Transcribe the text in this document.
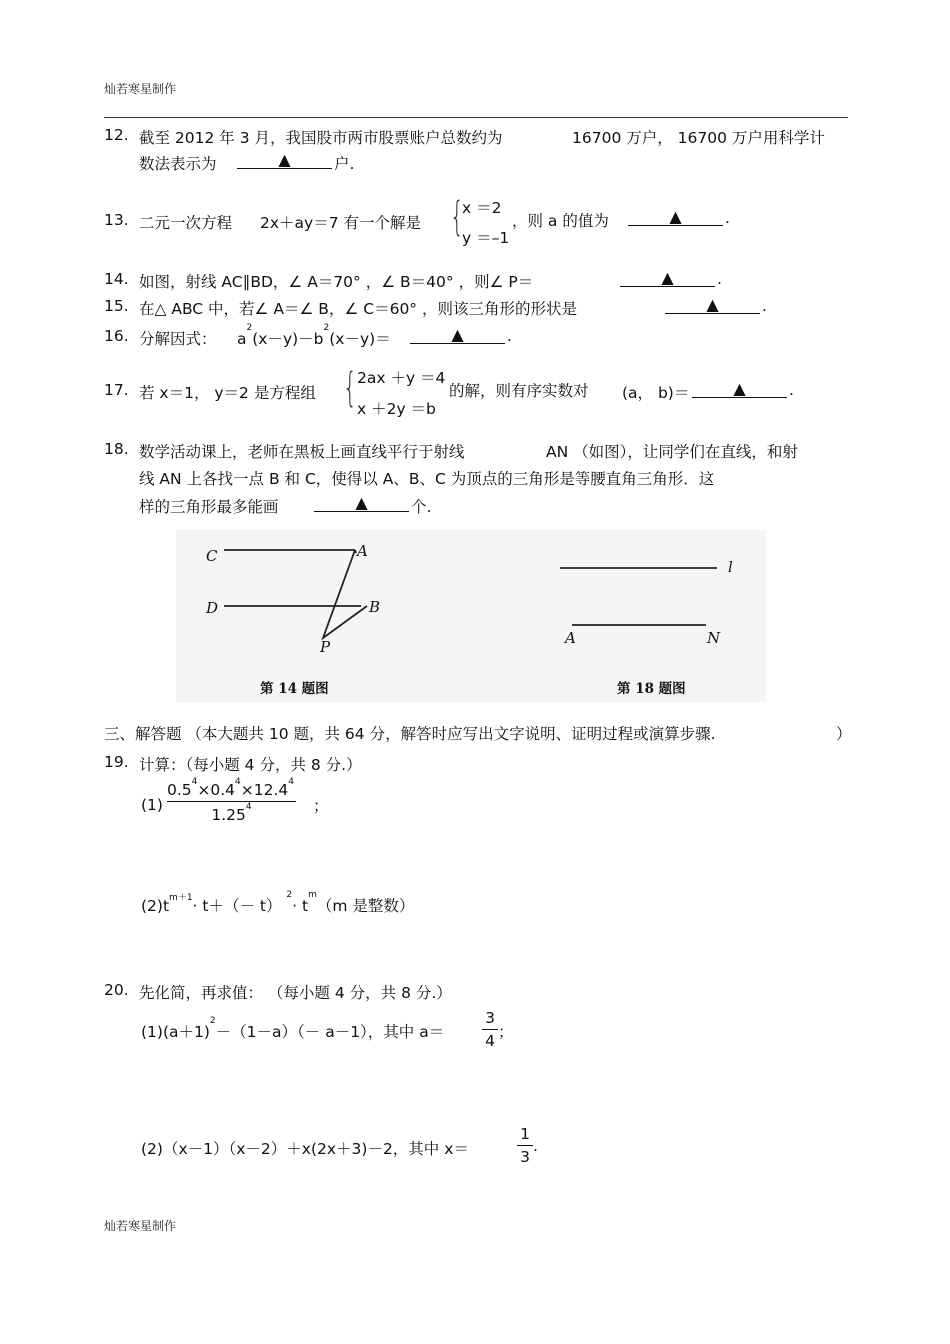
灿若寒星制作
灿若寒星制作
12. 截至 2012 年 3 月，我国股市两市股票账户总数约为	16700 万户， 16700 万户用科学计
数法表示为	▲	户.
13. 二元一次方程 2x＋ay＝7 有一个解是 {
x ＝2
y ＝–1
，则 a 的值为	▲	.
14. 如图，射线 AC∥BD，∠ A＝70° ，∠ B＝40° ，则∠ P＝	▲	.
15. 在△ ABC 中，若∠ A＝∠ B，∠ C＝60° ，则该三角形的形状是	▲	.
16. 分解因式： $a^2(x-y)-b^2(x-y)=$	▲	.
17. 若 x＝1， y＝2 是方程组 { 2ax ＋y ＝4
x ＋2y ＝b
的解，则有序实数对 (a， b)＝	▲	.
18. 数学活动课上，老师在黑板上画直线平行于射线	AN （如图），让同学们在直线，和射
线 AN 上各找一点 B 和 C，使得以 A、B、C 为顶点的三角形是等腰直角三角形．这
样的三角形最多能画	▲	个.
C	A
D	B
P
第 14 题图
l
A	N
第 18 题图
三、解答题 （本大题共 10 题，共 64 分，解答时应写出文字说明、证明过程或演算步骤.	）
19. 计算：（每小题 4 分，共 8 分.）
$(1) \frac{0.5^4\times 0.4^4\times 12.4^4}{1.25^4}$ ；
$(2)t^{m+1}\cdot t+(- t)$ $^2\cdot t^m(m$ 是整数）
20. 先化简，再求值： （每小题 4 分，共 8 分.）
$(1)(a+1)^2-(1-a)(- a-1)$，其中 $a= \frac{3}{4}$ ；
(2)（x－1）（x－2）＋x(2x＋3)－2，其中 x＝	$\frac{1}{3}$ .
